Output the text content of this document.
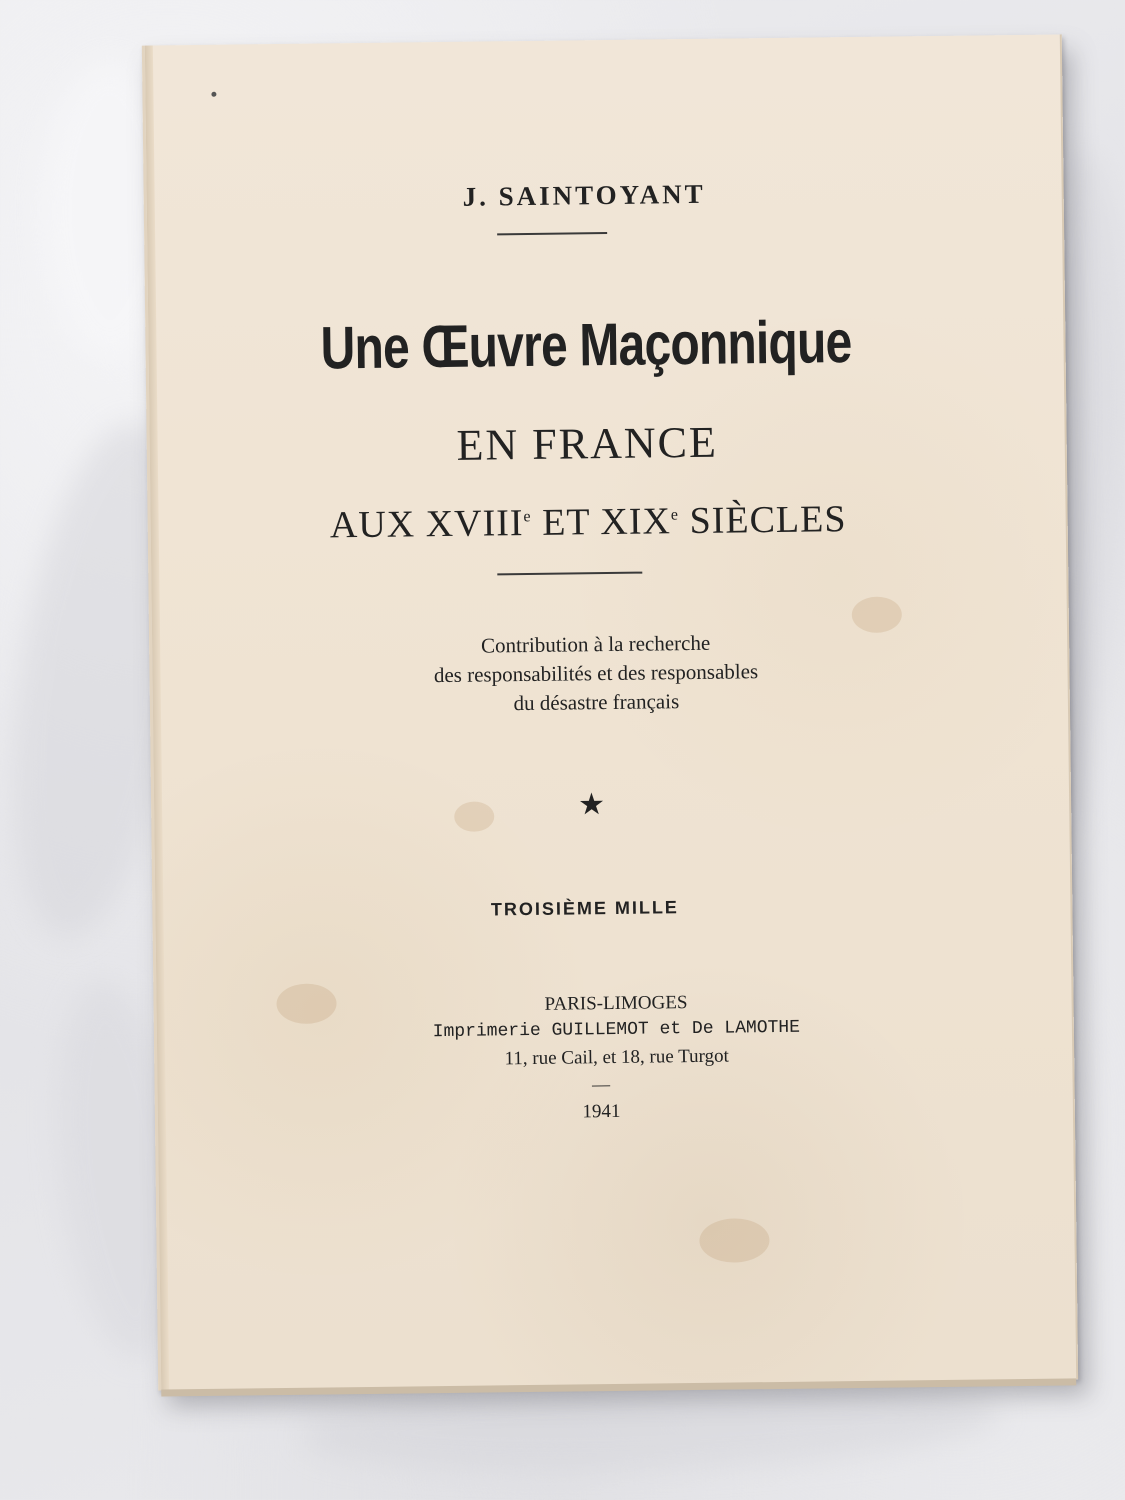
J. SAINTOYANT
Une Œuvre Maçonnique
EN FRANCE
AUX XVIIIe ET XIXe SIÈCLES
Contribution à la recherche
des responsabilités et des responsables
du désastre français
★
TROISIÈME MILLE
PARIS-LIMOGES
Imprimerie GUILLEMOT et De LAMOTHE
11, rue Cail, et 18, rue Turgot
—
1941
